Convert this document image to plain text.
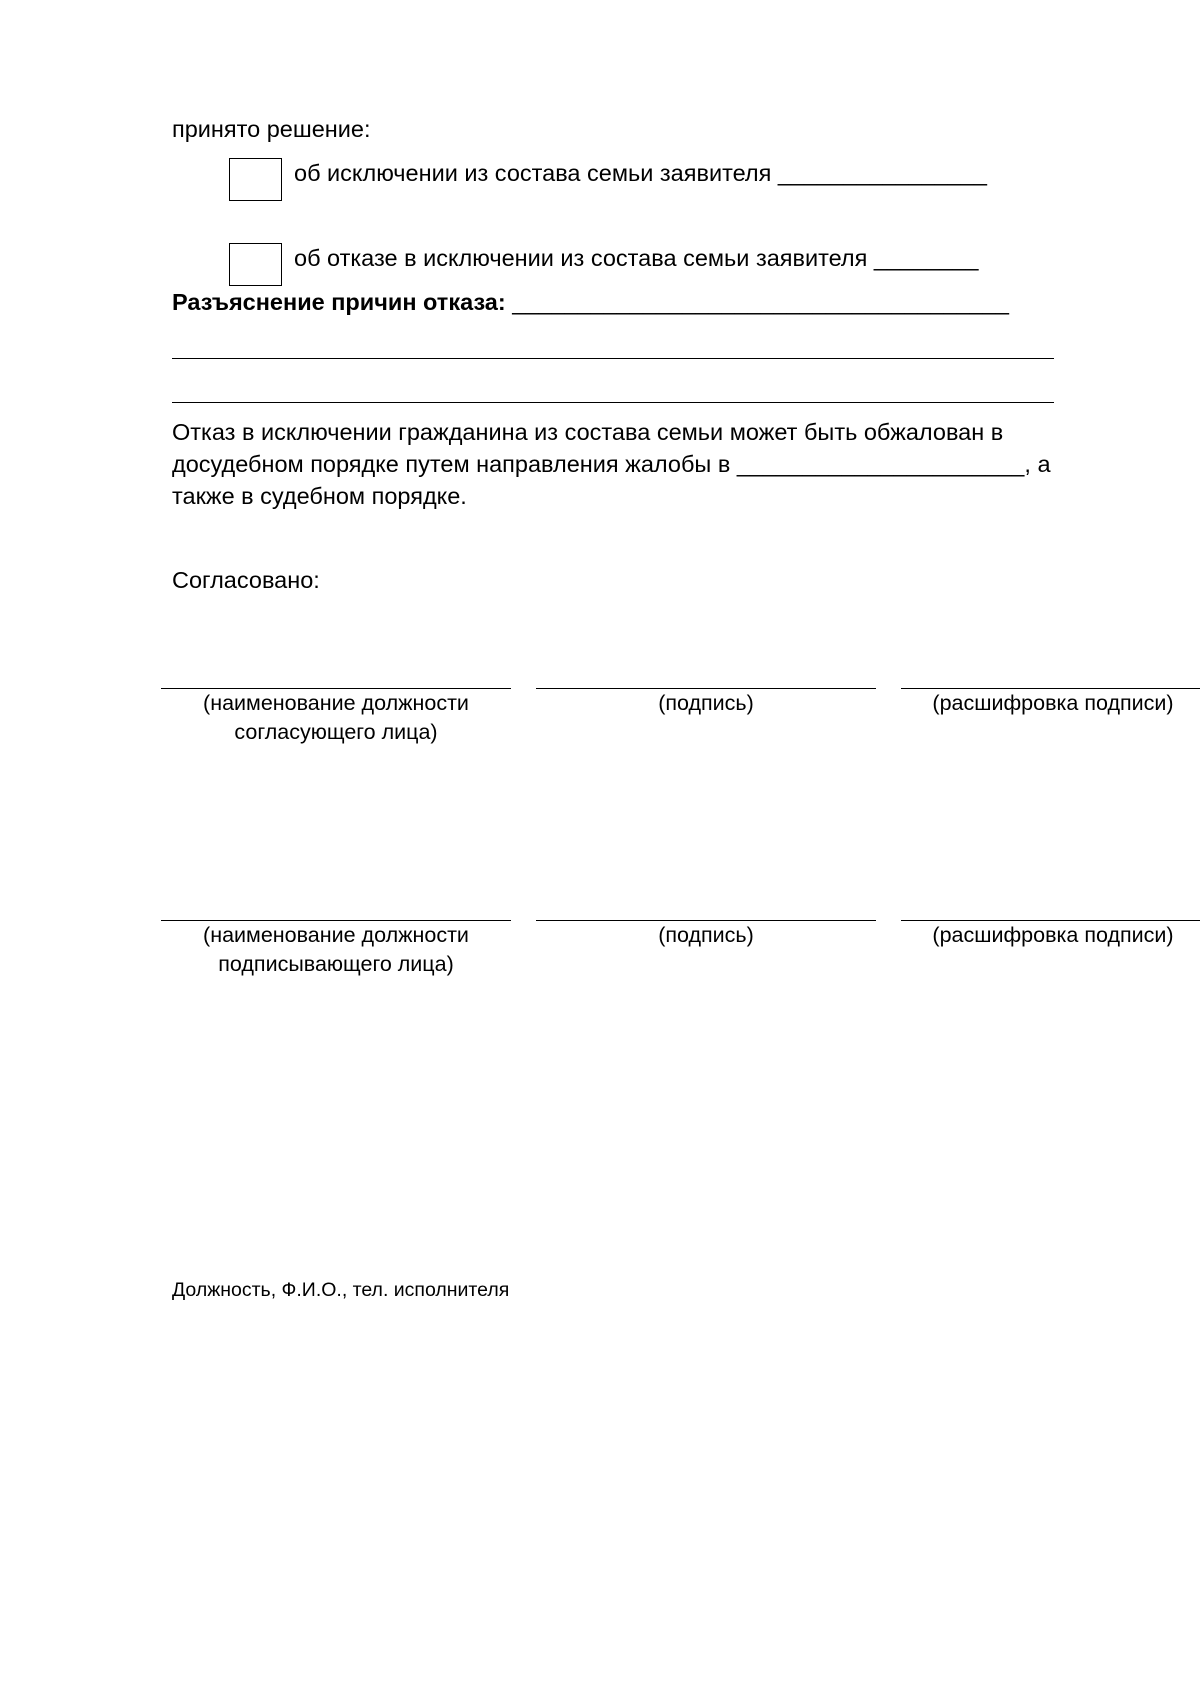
принято решение:
об исключении из состава семьи заявителя ________________
об отказе в исключении из состава семьи заявителя ________
Разъяснение причин отказа: ______________________________________
Отказ в исключении гражданина из состава семьи может быть обжалован в
досудебном порядке путем направления жалобы в ______________________, а
также в судебном порядке.
Согласовано:
(наименование должности согласующего лица)
(подпись)	(расшифровка подписи)
(наименование должности подписывающего лица)
(подпись)	(расшифровка подписи)
Должность, Ф.И.О., тел. исполнителя
